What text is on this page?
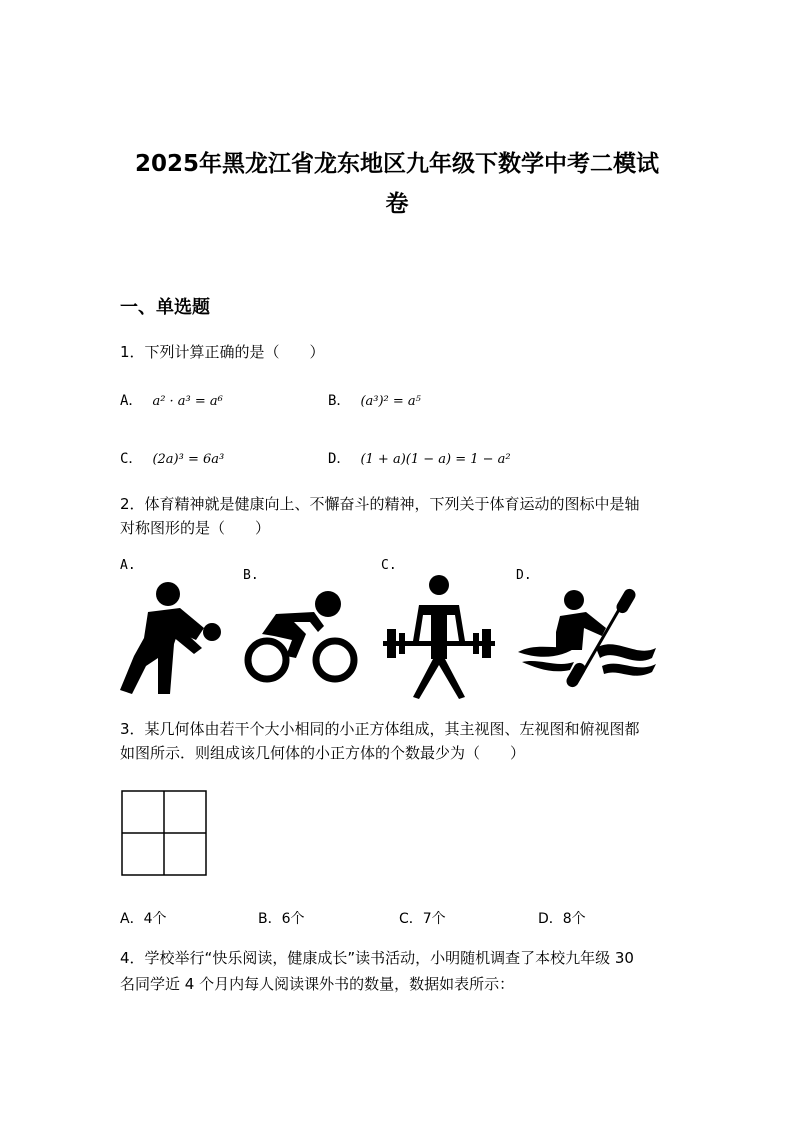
2025年黑龙江省龙东地区九年级下数学中考二模试
卷
一、单选题
1．下列计算正确的是（　　）
A． a² · a³ = a⁶	B． (a³)² = a⁵
C． (2a)³ = 6a³	D． (1 + a)(1 − a) = 1 − a²
2．体育精神就是健康向上、不懈奋斗的精神，下列关于体育运动的图标中是轴
对称图形的是（　　）
A.
B.
C.
D.
3．某几何体由若干个大小相同的小正方体组成，其主视图、左视图和俯视图都
如图所示．则组成该几何体的小正方体的个数最少为（　　）
A．4个	B．6个	C．7个	D．8个
4．学校举行“快乐阅读，健康成长”读书活动，小明随机调查了本校九年级 30
名同学近 4 个月内每人阅读课外书的数量，数据如表所示：
